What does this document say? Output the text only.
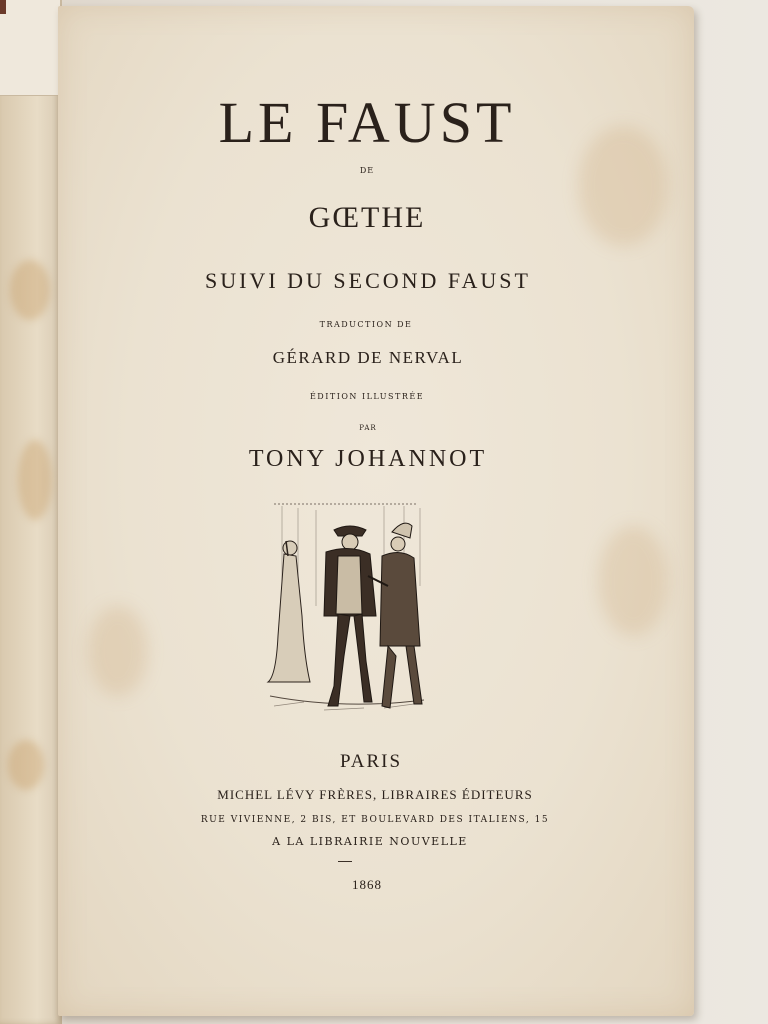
LE FAUST
DE
GŒTHE
SUIVI DU SECOND FAUST
TRADUCTION DE
GÉRARD DE NERVAL
ÉDITION ILLUSTRÉE
PAR
TONY JOHANNOT
PARIS
MICHEL LÉVY FRÈRES, LIBRAIRES ÉDITEURS
RUE VIVIENNE, 2 BIS, ET BOULEVARD DES ITALIENS, 15
A LA LIBRAIRIE NOUVELLE
1868
